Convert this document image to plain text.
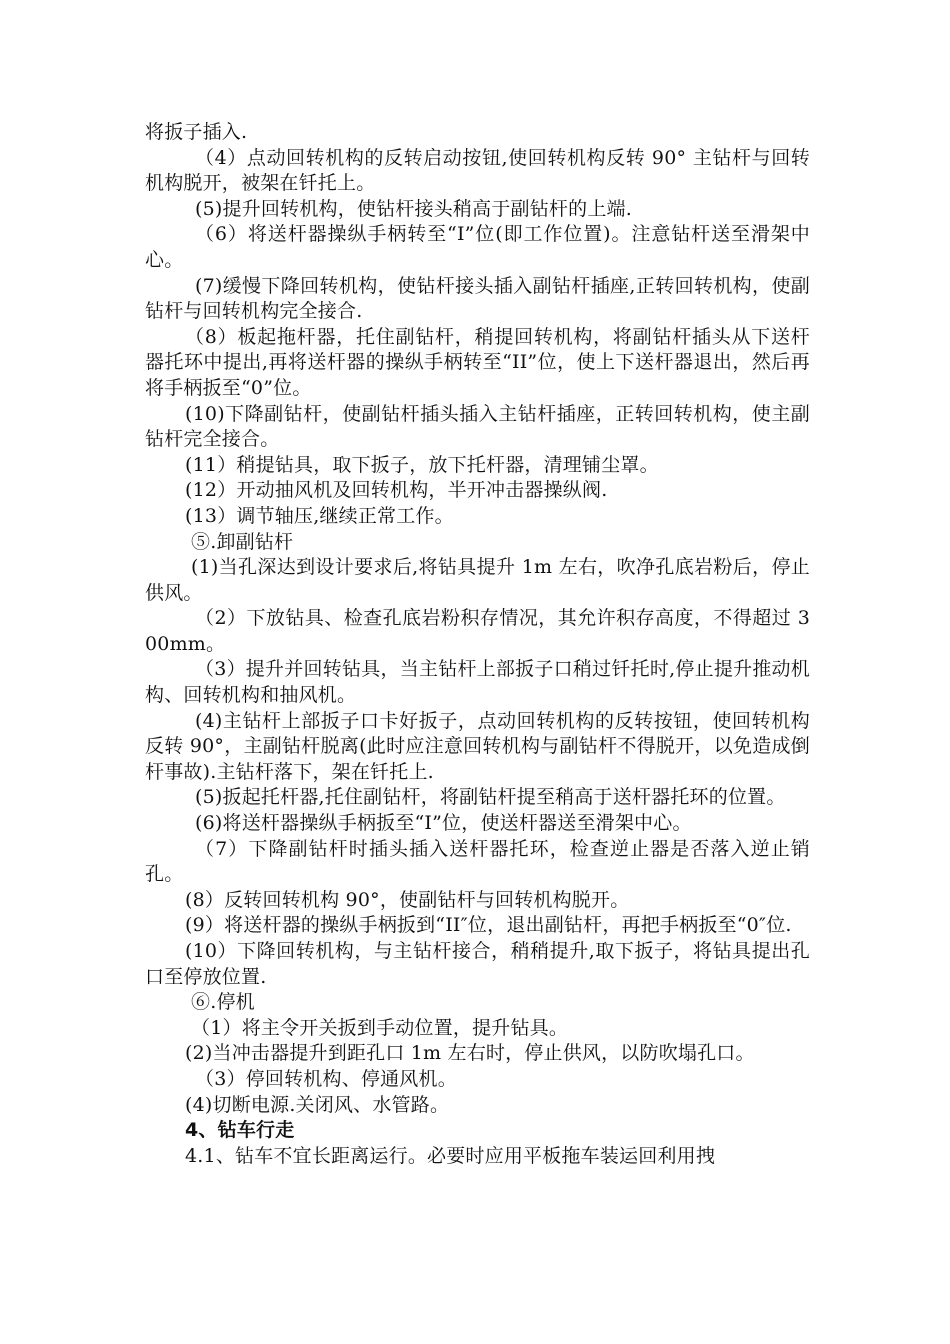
将扳子插入.

（4）点动回转机构的反转启动按钮,使回转机构反转 90° 主钻杆与回转机构脱开，被架在钎托上。

(5)提升回转机构，使钻杆接头稍高于副钻杆的上端.

（6）将送杆器操纵手柄转至“I”位(即工作位置)。注意钻杆送至滑架中心。

(7)缓慢下降回转机构，使钻杆接头插入副钻杆插座,正转回转机构，使副钻杆与回转机构完全接合.

（8）板起拖杆器，托住副钻杆，稍提回转机构，将副钻杆插头从下送杆器托环中提出,再将送杆器的操纵手柄转至“II”位，使上下送杆器退出，然后再将手柄扳至“0”位。

(10)下降副钻杆，使副钻杆插头插入主钻杆插座，正转回转机构，使主副钻杆完全接合。

(11）稍提钻具，取下扳子，放下托杆器，清理铺尘罩。

(12）开动抽风机及回转机构，半开冲击器操纵阀.

(13）调节轴压,继续正常工作。

⑤.卸副钻杆

(1)当孔深达到设计要求后,将钻具提升 1m 左右，吹净孔底岩粉后，停止供风。

（2）下放钻具、检查孔底岩粉积存情况，其允许积存高度，不得超过 300mm。

（3）提升并回转钻具，当主钻杆上部扳子口稍过钎托时,停止提升推动机构、回转机构和抽风机。

(4)主钻杆上部扳子口卡好扳子，点动回转机构的反转按钮，使回转机构反转 90°，主副钻杆脱离(此时应注意回转机构与副钻杆不得脱开，以免造成倒杆事故).主钻杆落下，架在钎托上.

(5)扳起托杆器,托住副钻杆，将副钻杆提至稍高于送杆器托环的位置。

(6)将送杆器操纵手柄扳至“I”位，使送杆器送至滑架中心。

（7）下降副钻杆时插头插入送杆器托环，检查逆止器是否落入逆止销孔。

(8）反转回转机构 90°，使副钻杆与回转机构脱开。

(9）将送杆器的操纵手柄扳到“II″位，退出副钻杆，再把手柄扳至“0″位.

(10）下降回转机构，与主钻杆接合，稍稍提升,取下扳子，将钻具提出孔口至停放位置.

⑥.停机

（1）将主令开关扳到手动位置，提升钻具。

(2)当冲击器提升到距孔口 1m 左右时，停止供风，以防吹塌孔口。

（3）停回转机构、停通风机。

(4)切断电源.关闭风、水管路。

4、钻车行走

4.1、钻车不宜长距离运行。必要时应用平板拖车装运回利用拽
